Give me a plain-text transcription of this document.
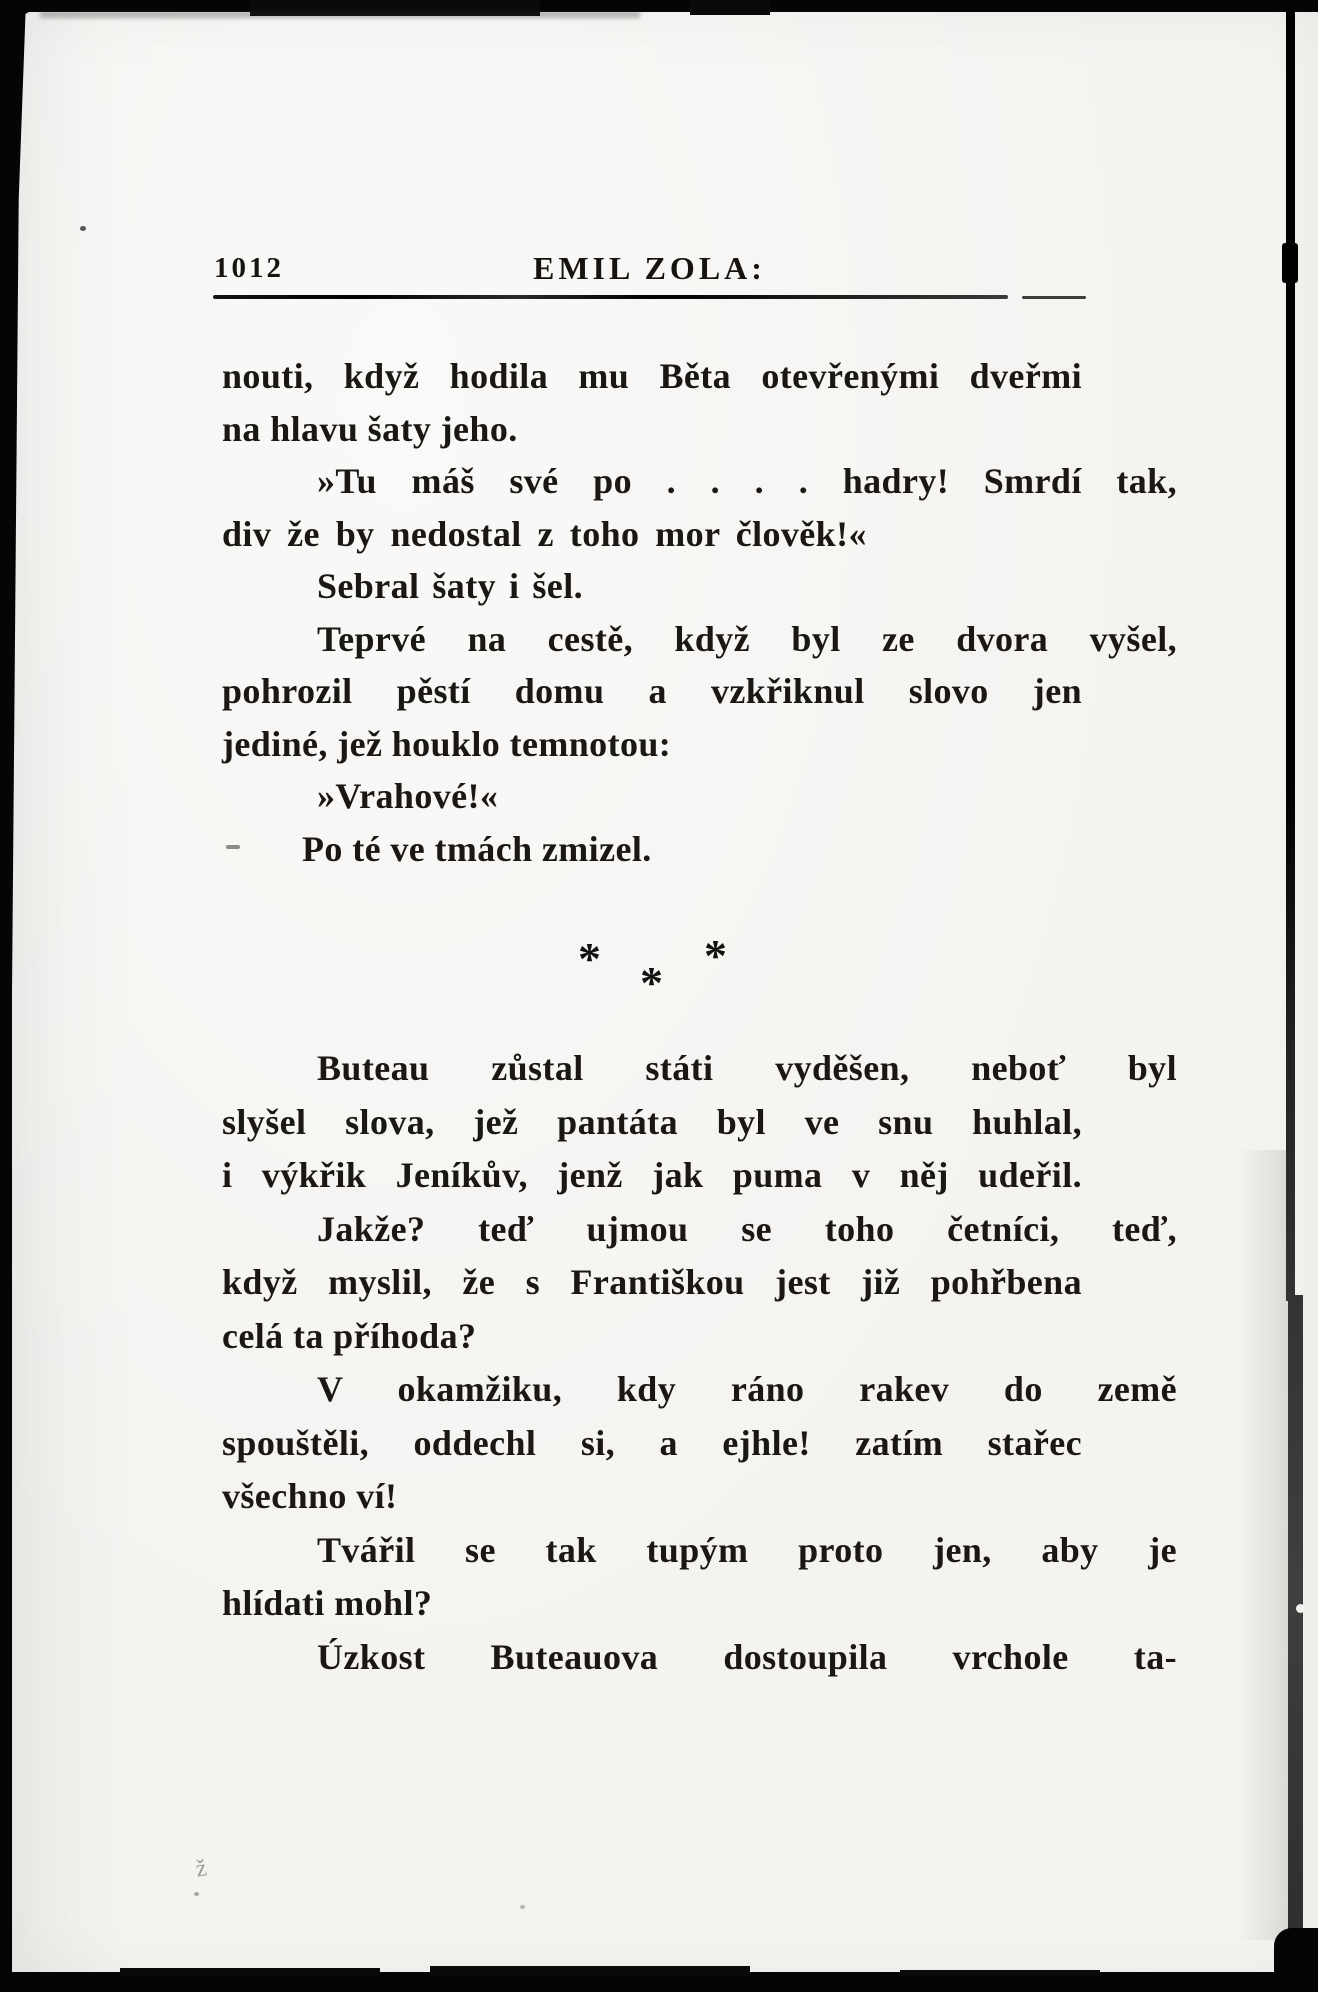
1012	EMIL ZOLA:
nouti, když hodila mu Běta otevřenými dveřmi
na hlavu šaty jeho.
»Tu máš své po . . . . hadry! Smrdí tak,
div že by nedostal z toho mor člověk!«
Sebral šaty i šel.
Teprvé na cestě, když byl ze dvora vyšel,
pohrozil pěstí domu a vzkřiknul slovo jen
jediné, jež houklo temnotou:
»Vrahové!«
Po té ve tmách zmizel.
Buteau zůstal státi vyděšen, neboť byl
slyšel slova, jež pantáta byl ve snu huhlal,
i výkřik Jeníkův, jenž jak puma v něj udeřil.
Jakže? teď ujmou se toho četníci, teď,
když myslil, že s Františkou jest již pohřbena
celá ta příhoda?
V okamžiku, kdy ráno rakev do země
spouštěli, oddechl si, a ejhle! zatím stařec
všechno ví!
Tvářil se tak tupým proto jen, aby je
hlídati mohl?
Úzkost Buteauova dostoupila vrchole ta-
* *
*
ž
